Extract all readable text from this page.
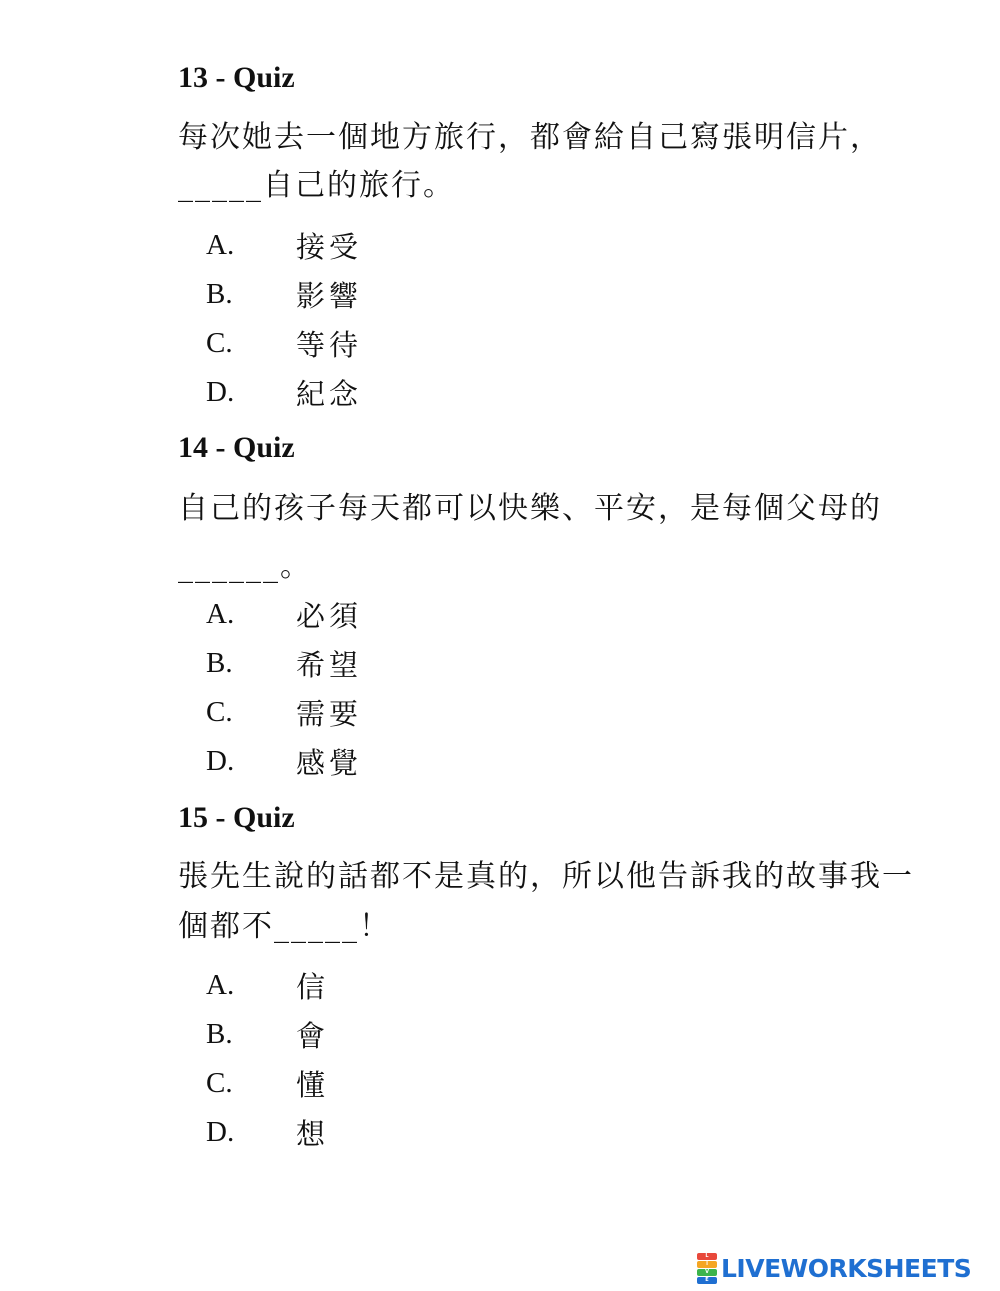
13 - Quiz

每次她去一個地方旅行，都會給自己寫張明信片，
_____自己的旅行。

A.	接受
B.	影響
C.	等待
D.	紀念
14 - Quiz

自己的孩子每天都可以快樂、平安，是每個父母的
______。

A.	必須
B.	希望
C.	需要
D.	感覺
15 - Quiz

張先生說的話都不是真的，所以他告訴我的故事我一
個都不_____！

A.	信
B.	會
C.	懂
D.	想
L
I
V
E LIVEWORKSHEETS
